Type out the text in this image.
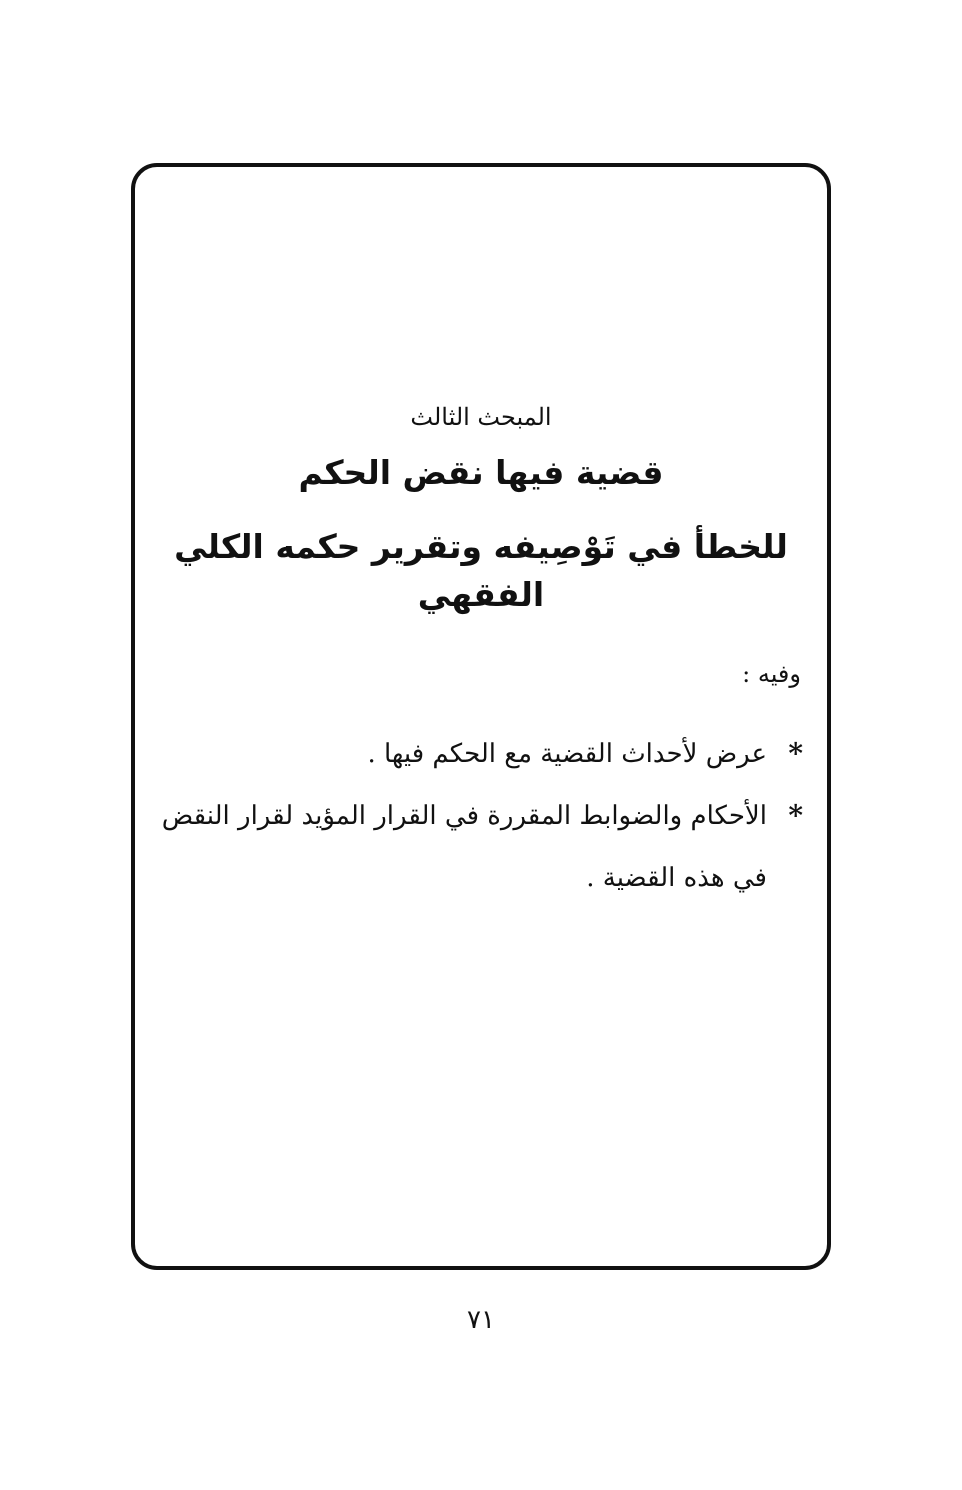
المبحث الثالث
قضية فيها نقض الحكم
للخطأ في تَوْصِيفه وتقرير حكمه الكلي الفقهي
وفيه :
*
عرض لأحداث القضية مع الحكم فيها .
*
الأحكام والضوابط المقررة في القرار المؤيد لقرار النقض في هذه القضية .
٧١
